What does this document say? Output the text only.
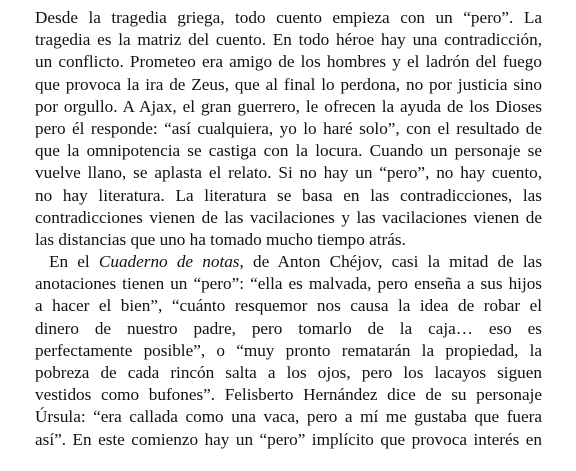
Desde la tragedia griega, todo cuento empieza con un “pero”. La
tragedia es la matriz del cuento. En todo héroe hay una contradicción,
un conflicto. Prometeo era amigo de los hombres y el ladrón del fuego
que provoca la ira de Zeus, que al final lo perdona, no por justicia sino
por orgullo. A Ajax, el gran guerrero, le ofrecen la ayuda de los Dioses
pero él responde: “así cualquiera, yo lo haré solo”, con el resultado de
que la omnipotencia se castiga con la locura. Cuando un personaje se
vuelve llano, se aplasta el relato. Si no hay un “pero”, no hay cuento,
no hay literatura. La literatura se basa en las contradicciones, las
contradicciones vienen de las vacilaciones y las vacilaciones vienen de
las distancias que uno ha tomado mucho tiempo atrás.
En el Cuaderno de notas, de Anton Chéjov, casi la mitad de las
anotaciones tienen un “pero”: “ella es malvada, pero enseña a sus hijos
a hacer el bien”, “cuánto resquemor nos causa la idea de robar el
dinero de nuestro padre, pero tomarlo de la caja… eso es
perfectamente posible”, o “muy pronto rematarán la propiedad, la
pobreza de cada rincón salta a los ojos, pero los lacayos siguen
vestidos como bufones”. Felisberto Hernández dice de su personaje
Úrsula: “era callada como una vaca, pero a mí me gustaba que fuera
así”. En este comienzo hay un “pero” implícito que provoca interés en
